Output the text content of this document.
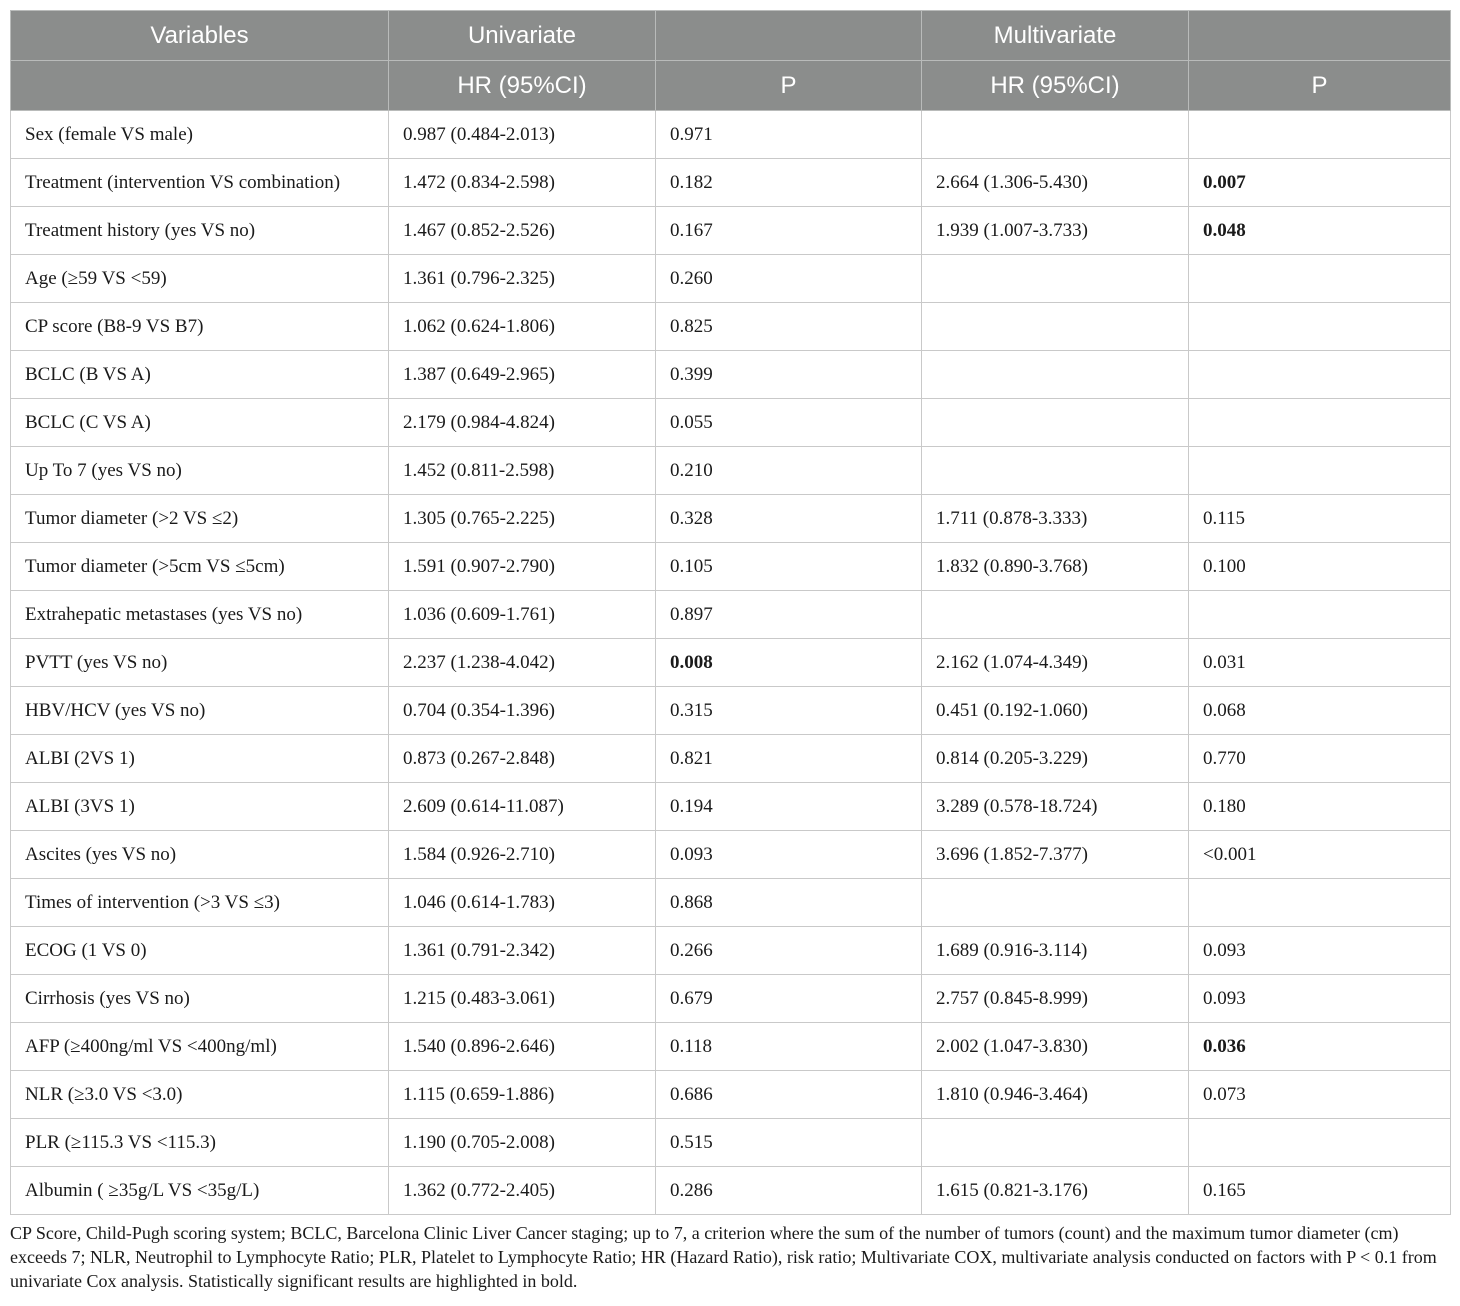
Variables	Univariate		Multivariate	
	HR (95%CI)	P	HR (95%CI)	P
Sex (female VS male)	0.987 (0.484-2.013)	0.971		
Treatment (intervention VS combination)	1.472 (0.834-2.598)	0.182	2.664 (1.306-5.430)	0.007
Treatment history (yes VS no)	1.467 (0.852-2.526)	0.167	1.939 (1.007-3.733)	0.048
Age (≥59 VS <59)	1.361 (0.796-2.325)	0.260		
CP score (B8-9 VS B7)	1.062 (0.624-1.806)	0.825		
BCLC (B VS A)	1.387 (0.649-2.965)	0.399		
BCLC (C VS A)	2.179 (0.984-4.824)	0.055		
Up To 7 (yes VS no)	1.452 (0.811-2.598)	0.210		
Tumor diameter (>2 VS ≤2)	1.305 (0.765-2.225)	0.328	1.711 (0.878-3.333)	0.115
Tumor diameter (>5cm VS ≤5cm)	1.591 (0.907-2.790)	0.105	1.832 (0.890-3.768)	0.100
Extrahepatic metastases (yes VS no)	1.036 (0.609-1.761)	0.897		
PVTT (yes VS no)	2.237 (1.238-4.042)	0.008	2.162 (1.074-4.349)	0.031
HBV/HCV (yes VS no)	0.704 (0.354-1.396)	0.315	0.451 (0.192-1.060)	0.068
ALBI (2VS 1)	0.873 (0.267-2.848)	0.821	0.814 (0.205-3.229)	0.770
ALBI (3VS 1)	2.609 (0.614-11.087)	0.194	3.289 (0.578-18.724)	0.180
Ascites (yes VS no)	1.584 (0.926-2.710)	0.093	3.696 (1.852-7.377)	<0.001
Times of intervention (>3 VS ≤3)	1.046 (0.614-1.783)	0.868		
ECOG (1 VS 0)	1.361 (0.791-2.342)	0.266	1.689 (0.916-3.114)	0.093
Cirrhosis (yes VS no)	1.215 (0.483-3.061)	0.679	2.757 (0.845-8.999)	0.093
AFP (≥400ng/ml VS <400ng/ml)	1.540 (0.896-2.646)	0.118	2.002 (1.047-3.830)	0.036
NLR (≥3.0 VS <3.0)	1.115 (0.659-1.886)	0.686	1.810 (0.946-3.464)	0.073
PLR (≥115.3 VS <115.3)	1.190 (0.705-2.008)	0.515		
Albumin ( ≥35g/L VS <35g/L)	1.362 (0.772-2.405)	0.286	1.615 (0.821-3.176)	0.165
CP Score, Child-Pugh scoring system; BCLC, Barcelona Clinic Liver Cancer staging; up to 7, a criterion where the sum of the number of tumors (count) and the maximum tumor diameter (cm) exceeds 7; NLR, Neutrophil to Lymphocyte Ratio; PLR, Platelet to Lymphocyte Ratio; HR (Hazard Ratio), risk ratio; Multivariate COX, multivariate analysis conducted on factors with P < 0.1 from univariate Cox analysis. Statistically significant results are highlighted in bold.
